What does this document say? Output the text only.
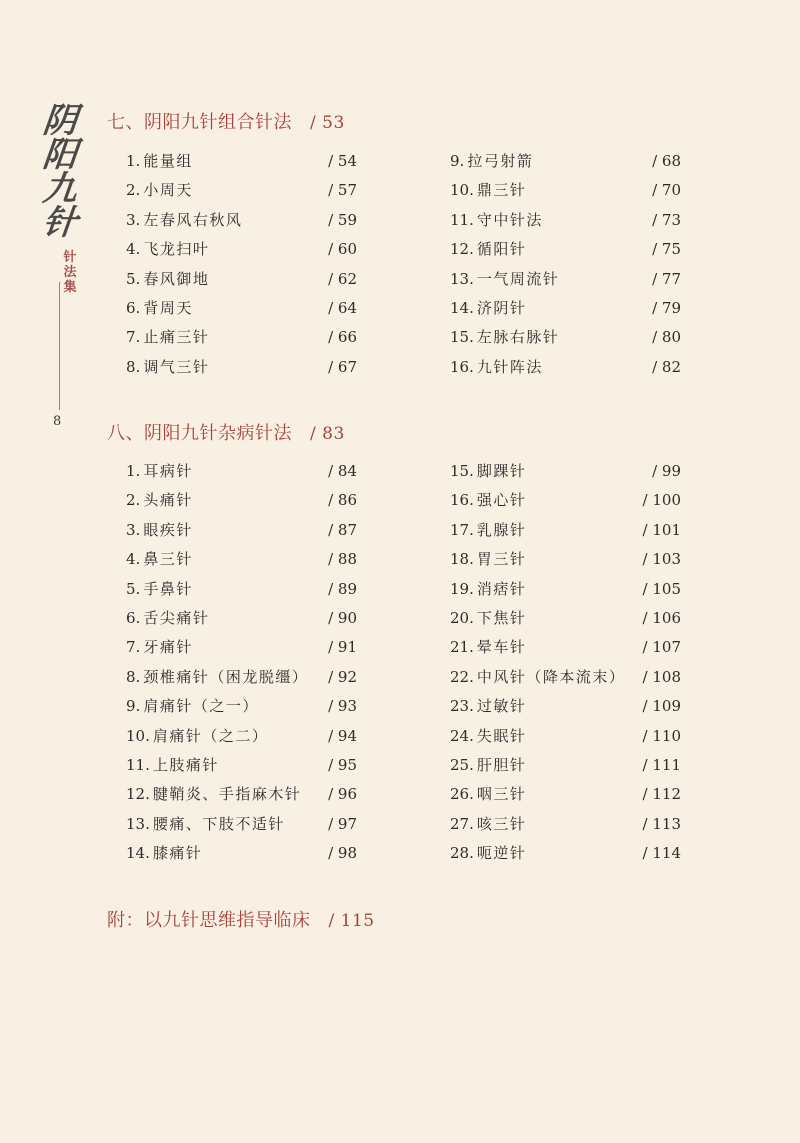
阴
阳
九
针
针
法
集
8
七、阴阳九针组合针法 / 53
1. 能量组	/ 54
2. 小周天	/ 57
3. 左春风右秋风	/ 59
4. 飞龙扫叶	/ 60
5. 春风御地	/ 62
6. 背周天	/ 64
7. 止痛三针	/ 66
8. 调气三针	/ 67
9. 拉弓射箭	/ 68
10. 鼎三针	/ 70
11. 守中针法	/ 73
12. 循阳针	/ 75
13. 一气周流针	/ 77
14. 济阴针	/ 79
15. 左脉右脉针	/ 80
16. 九针阵法	/ 82
八、阴阳九针杂病针法 / 83
1. 耳病针	/ 84
2. 头痛针	/ 86
3. 眼疾针	/ 87
4. 鼻三针	/ 88
5. 手鼻针	/ 89
6. 舌尖痛针	/ 90
7. 牙痛针	/ 91
8. 颈椎痛针（困龙脱缰） / 92
9. 肩痛针（之一）	/ 93
10. 肩痛针（之二）	/ 94
11. 上肢痛针	/ 95
12. 腱鞘炎、手指麻木针 / 96
13. 腰痛、下肢不适针	/ 97
14. 膝痛针	/ 98
15. 脚踝针	/ 99
16. 强心针	/ 100
17. 乳腺针	/ 101
18. 胃三针	/ 103
19. 消痞针	/ 105
20. 下焦针	/ 106
21. 晕车针	/ 107
22. 中风针（降本流末） / 108
23. 过敏针	/ 109
24. 失眠针	/ 110
25. 肝胆针	/ 111
26. 咽三针	/ 112
27. 咳三针	/ 113
28. 呃逆针	/ 114
附：以九针思维指导临床 / 115
